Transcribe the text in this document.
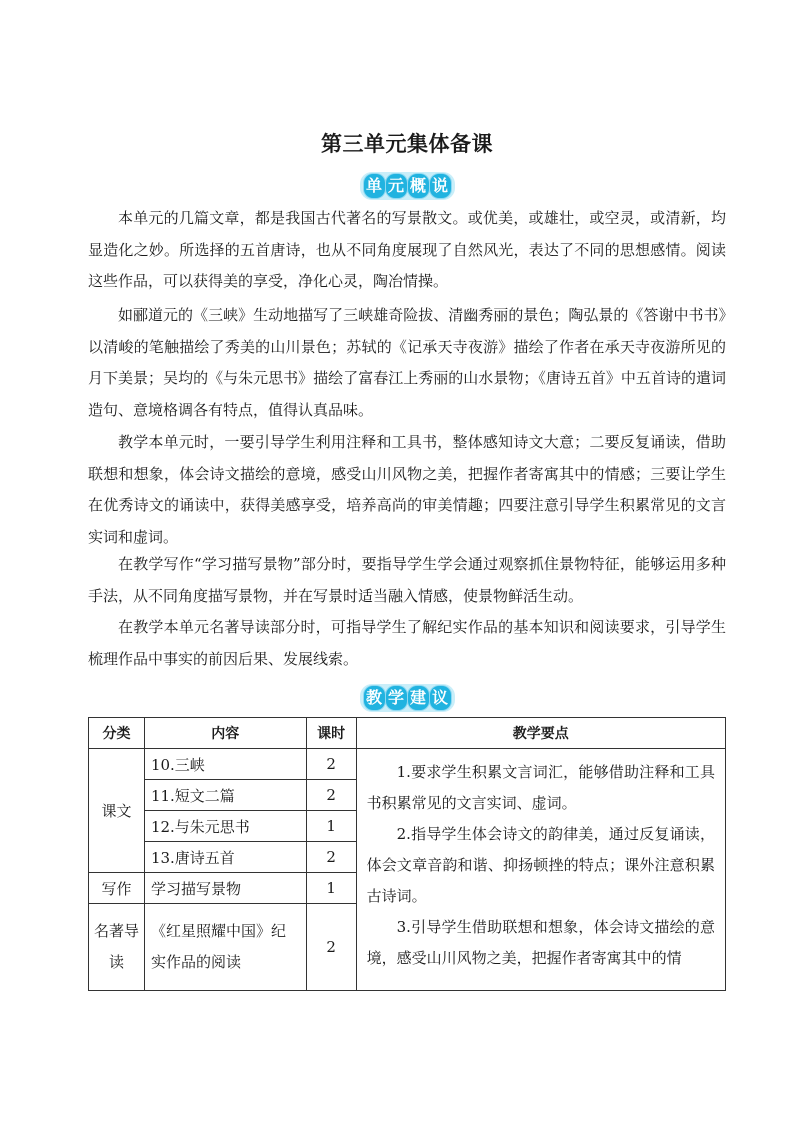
第三单元集体备课
单 元 概 说

本单元的几篇文章，都是我国古代著名的写景散文。或优美，或雄壮，或空灵，或清新，均显造化之妙。所选择的五首唐诗，也从不同角度展现了自然风光，表达了不同的思想感情。阅读这些作品，可以获得美的享受，净化心灵，陶冶情操。

如郦道元的《三峡》生动地描写了三峡雄奇险拔、清幽秀丽的景色；陶弘景的《答谢中书书》以清峻的笔触描绘了秀美的山川景色；苏轼的《记承天寺夜游》描绘了作者在承天寺夜游所见的月下美景；吴均的《与朱元思书》描绘了富春江上秀丽的山水景物；《唐诗五首》中五首诗的遣词造句、意境格调各有特点，值得认真品味。

教学本单元时，一要引导学生利用注释和工具书，整体感知诗文大意；二要反复诵读，借助联想和想象，体会诗文描绘的意境，感受山川风物之美，把握作者寄寓其中的情感；三要让学生在优秀诗文的诵读中，获得美感享受，培养高尚的审美情趣；四要注意引导学生积累常见的文言实词和虚词。

在教学写作“学习描写景物”部分时，要指导学生学会通过观察抓住景物特征，能够运用多种手法，从不同角度描写景物，并在写景时适当融入情感，使景物鲜活生动。

在教学本单元名著导读部分时，可指导学生了解纪实作品的基本知识和阅读要求，引导学生梳理作品中事实的前因后果、发展线索。

教 学 建 议
分类	内容	课时	教学要点
课文	10.三峡	2	1.要求学生积累文言词汇，能够借助注释和工具书积累常见的文言实词、虚词。

2.指导学生体会诗文的韵律美，通过反复诵读，体会文章音韵和谐、抑扬顿挫的特点；课外注意积累古诗词。

3.引导学生借助联想和想象，体会诗文描绘的意境，感受山川风物之美，把握作者寄寓其中的情

	11.短文二篇	2	
	12.与朱元思书	1	
	13.唐诗五首	2	
写作	学习描写景物	1	
名著导读	《红星照耀中国》纪实作品的阅读	2	
